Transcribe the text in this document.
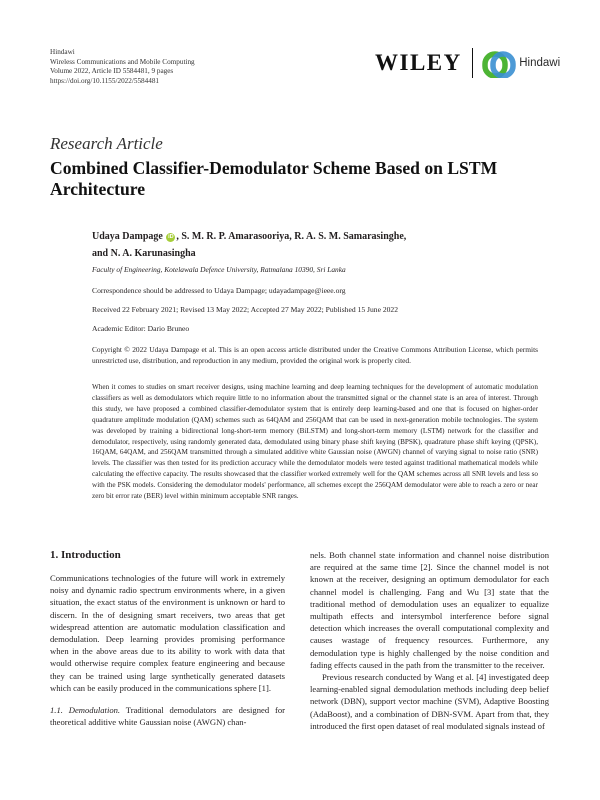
Hindawi
Wireless Communications and Mobile Computing
Volume 2022, Article ID 5584481, 9 pages
https://doi.org/10.1155/2022/5584481
WILEY	Hindawi
Research Article
Combined Classifier-Demodulator Scheme Based on LSTM Architecture
Udaya Dampage iD , S. M. R. P. Amarasooriya, R. A. S. M. Samarasinghe,
and N. A. Karunasingha
Faculty of Engineering, Kotelawala Defence University, Ratmalana 10390, Sri Lanka
Correspondence should be addressed to Udaya Dampage; udayadampage@ieee.org
Received 22 February 2021; Revised 13 May 2022; Accepted 27 May 2022; Published 15 June 2022
Academic Editor: Dario Bruneo
Copyright © 2022 Udaya Dampage et al. This is an open access article distributed under the Creative Commons Attribution License, which permits unrestricted use, distribution, and reproduction in any medium, provided the original work is properly cited.
When it comes to studies on smart receiver designs, using machine learning and deep learning techniques for the development of automatic modulation classifiers as well as demodulators which require little to no information about the transmitted signal or the channel state is an area of interest. Through this study, we have proposed a combined classifier-demodulator system that is entirely deep learning-based and one that is focused on higher-order quadrature amplitude modulation (QAM) schemes such as 64QAM and 256QAM that can be used in next-generation mobile technologies. The system was developed by training a bidirectional long-short-term memory (BiLSTM) and long-short-term memory (LSTM) network for the classifier and demodulator, respectively, using randomly generated data, demodulated using binary phase shift keying (BPSK), quadrature phase shift keying (QPSK), 16QAM, 64QAM, and 256QAM transmitted through a simulated additive white Gaussian noise (AWGN) channel of varying signal to noise ratio (SNR) levels. The classifier was then tested for its prediction accuracy while the demodulator models were tested against traditional mathematical models while calculating the effective capacity. The results showcased that the classifier worked extremely well for the QAM schemes across all SNR levels and less so with the PSK models. Considering the demodulator models' performance, all schemes except the 256QAM demodulator were able to reach a zero or near zero bit error rate (BER) level within minimum acceptable SNR ranges.
1. Introduction

Communications technologies of the future will work in extremely noisy and dynamic radio spectrum environments where, in a given situation, the exact status of the environment is unknown or hard to discern. In the of designing smart receivers, two areas that get widespread attention are automatic modulation classification and demodulation. Deep learning provides promising performance when in the above areas due to its ability to work with data that would otherwise require complex feature engineering and because they can be trained using large synthetically generated datasets which can be easily produced in the communications sphere [1].

1.1. Demodulation. Traditional demodulators are designed for theoretical additive white Gaussian noise (AWGN) chan-

nels. Both channel state information and channel noise distribution are required at the same time [2]. Since the channel model is not known at the receiver, designing an optimum demodulator for each channel model is challenging. Fang and Wu [3] state that the traditional method of demodulation uses an equalizer to equalize multipath effects and intersymbol interference before signal detection which increases the overall computational complexity and causes wastage of frequency resources. Furthermore, any demodulation type is highly challenged by the noise condition and fading effects caused in the path from the transmitter to the receiver.

Previous research conducted by Wang et al. [4] investigated deep learning-enabled signal demodulation methods including deep belief network (DBN), support vector machine (SVM), Adaptive Boosting (AdaBoost), and a combination of DBN-SVM. Apart from that, they introduced the first open dataset of real modulated signals instead of
